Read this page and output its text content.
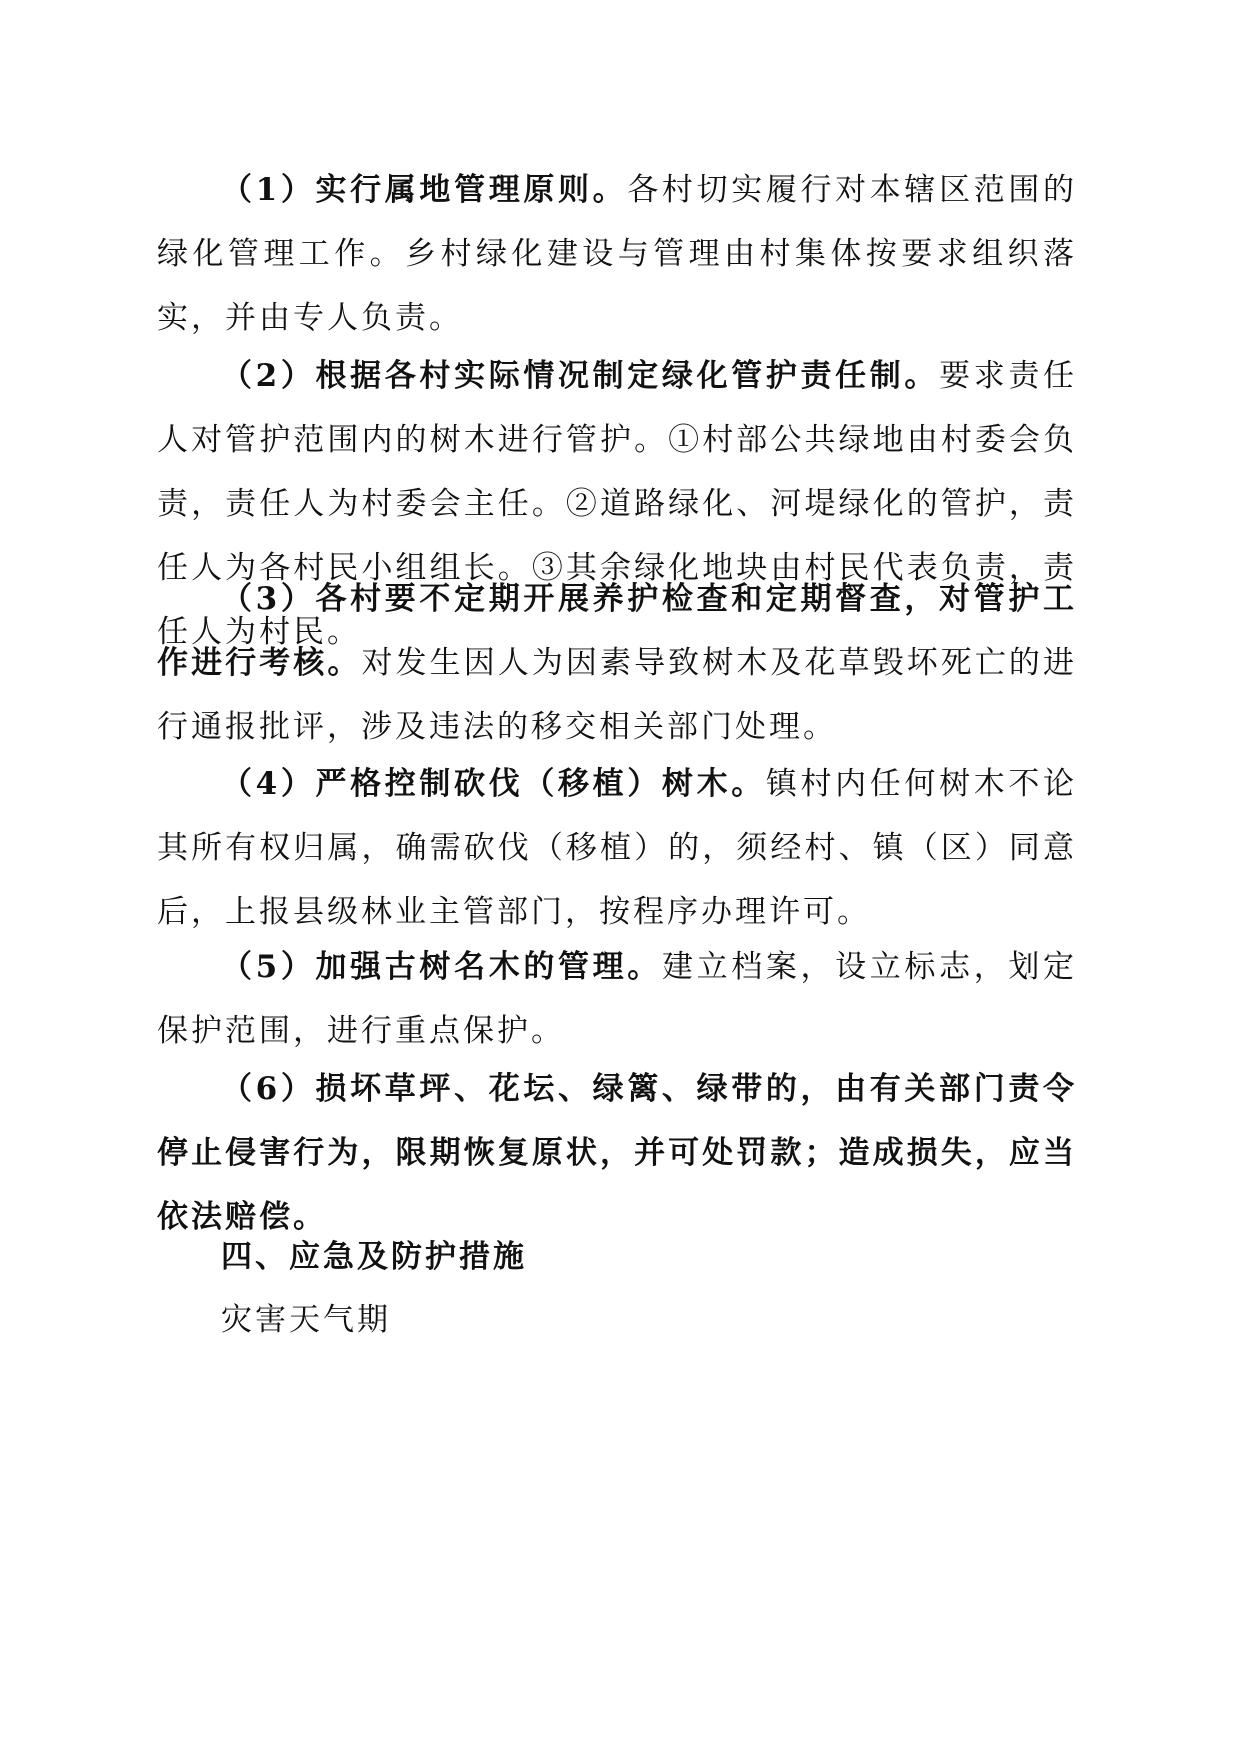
（1）实行属地管理原则。各村切实履行对本辖区范围的绿化管理工作。乡村绿化建设与管理由村集体按要求组织落实，并由专人负责。

（2）根据各村实际情况制定绿化管护责任制。要求责任人对管护范围内的树木进行管护。①村部公共绿地由村委会负责，责任人为村委会主任。②道路绿化、河堤绿化的管护，责任人为各村民小组组长。③其余绿化地块由村民代表负责，责任人为村民。

（3）各村要不定期开展养护检查和定期督查，对管护工作进行考核。对发生因人为因素导致树木及花草毁坏死亡的进行通报批评，涉及违法的移交相关部门处理。

（4）严格控制砍伐（移植）树木。镇村内任何树木不论其所有权归属，确需砍伐（移植）的，须经村、镇（区）同意后，上报县级林业主管部门，按程序办理许可。

（5）加强古树名木的管理。建立档案，设立标志，划定保护范围，进行重点保护。

（6）损坏草坪、花坛、绿篱、绿带的，由有关部门责令停止侵害行为，限期恢复原状，并可处罚款；造成损失，应当依法赔偿。

四、应急及防护措施

灾害天气期
